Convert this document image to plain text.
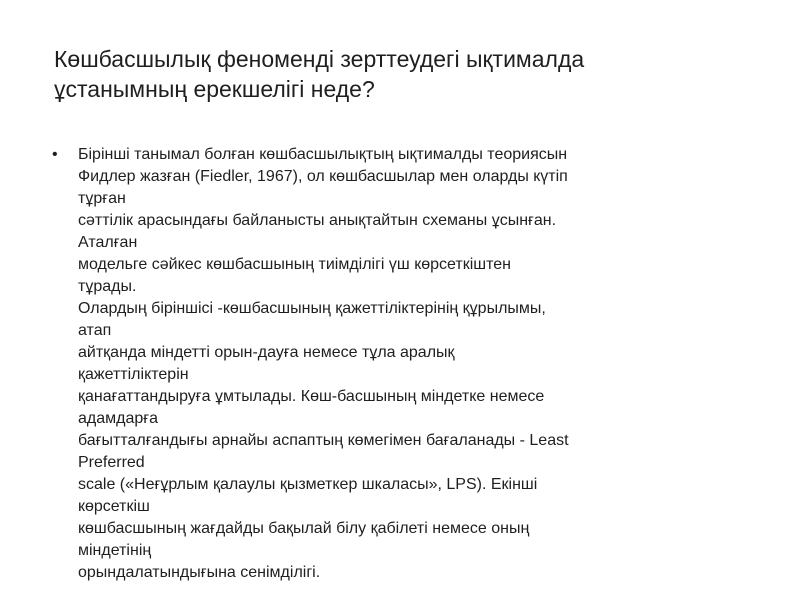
Көшбасшылық феноменді зерттеудегі ықтималда
ұстанымның ерекшелігі неде?
• Бірінші танымал болған көшбасшылықтың ықтималды теориясын
Фидлер жазған (Fiedler, 1967), ол көшбасшылар мен оларды күтіп
тұрған
сәттілік арасындағы байланысты анықтайтын схеманы ұсынған.
Аталған
модельге сәйкес көшбасшының тиімділігі үш көрсеткіштен
тұрады.
Олардың біріншісі -көшбасшының қажеттіліктерінің құрылымы,
атап
айтқанда міндетті орын-дауға немесе тұла аралық
қажеттіліктерін
қанағаттандыруға ұмтылады. Көш-басшының міндетке немесе
адамдарға
бағытталғандығы арнайы аспаптың көмегімен бағаланады - Least
Preferred
scale («Неғұрлым қалаулы қызметкер шкаласы», LPS). Екінші
көрсеткіш
көшбасшының жағдайды бақылай білу қабілеті немесе оның
міндетінің
орындалатындығына сенімділігі.
